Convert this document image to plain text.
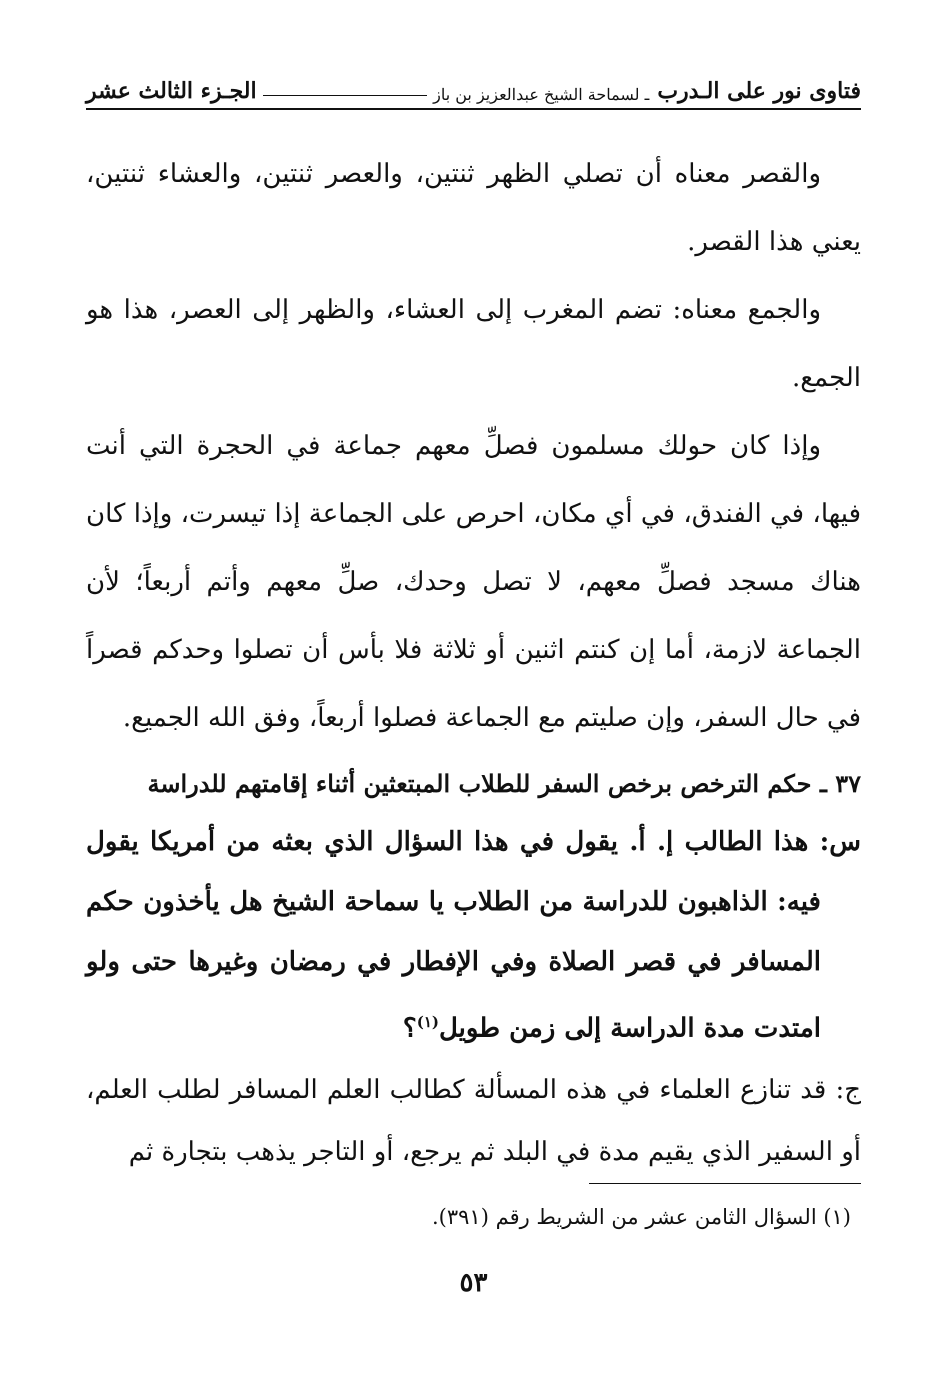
فتاوى نور على الـدرب
ـ لسماحة الشيخ عبدالعزيز بن باز
الجـزء الثالث عشر

والقصر معناه أن تصلي الظهر ثنتين، والعصر ثنتين، والعشاء ثنتين، يعني هذا القصر.

والجمع معناه: تضم المغرب إلى العشاء، والظهر إلى العصر، هذا هو الجمع.

وإذا كان حولك مسلمون فصلِّ معهم جماعة في الحجرة التي أنت فيها، في الفندق، في أي مكان، احرص على الجماعة إذا تيسرت، وإذا كان هناك مسجد فصلِّ معهم، لا تصل وحدك، صلِّ معهم وأتم أربعاً؛ لأن الجماعة لازمة، أما إن كنتم اثنين أو ثلاثة فلا بأس أن تصلوا وحدكم قصراً في حال السفر، وإن صليتم مع الجماعة فصلوا أربعاً، وفق الله الجميع.

٣٧ ـ حكم الترخص برخص السفر للطلاب المبتعثين أثناء إقامتهم للدراسة

س: هذا الطالب إ. أ. يقول في هذا السؤال الذي بعثه من أمريكا يقول فيه: الذاهبون للدراسة من الطلاب يا سماحة الشيخ هل يأخذون حكم المسافر في قصر الصلاة وفي الإفطار في رمضان وغيرها حتى ولو امتدت مدة الدراسة إلى زمن طويل$^{(١)}$؟

ج: قد تنازع العلماء في هذه المسألة كطالب العلم المسافر لطلب العلم، أو السفير الذي يقيم مدة في البلد ثم يرجع، أو التاجر يذهب بتجارة ثم

(١) السؤال الثامن عشر من الشريط رقم (٣٩١).
٥٣
